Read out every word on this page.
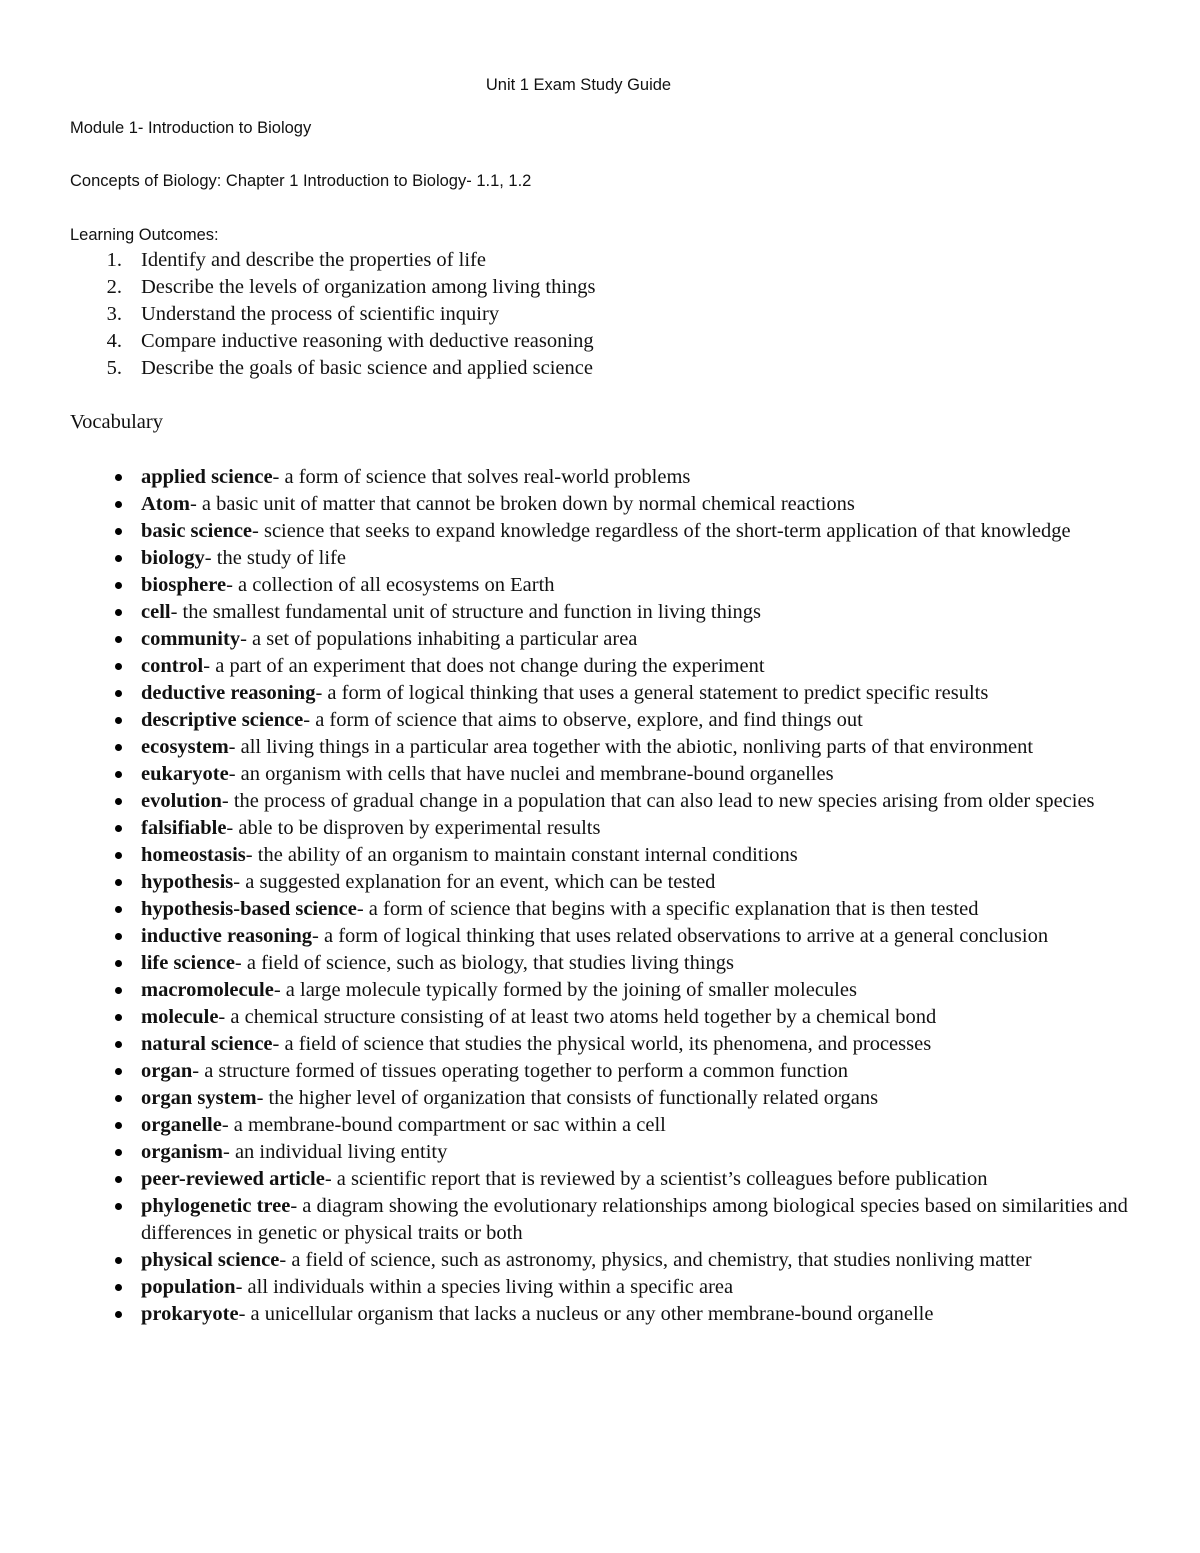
Unit 1 Exam Study Guide
Module 1- Introduction to Biology
Concepts of Biology: Chapter 1 Introduction to Biology- 1.1, 1.2
Learning Outcomes:
1. Identify and describe the properties of life
2. Describe the levels of organization among living things
3. Understand the process of scientific inquiry
4. Compare inductive reasoning with deductive reasoning
5. Describe the goals of basic science and applied science
Vocabulary
applied science- a form of science that solves real-world problems
Atom- a basic unit of matter that cannot be broken down by normal chemical reactions
basic science- science that seeks to expand knowledge regardless of the short-term application of that knowledge
biology- the study of life
biosphere- a collection of all ecosystems on Earth
cell- the smallest fundamental unit of structure and function in living things
community- a set of populations inhabiting a particular area
control- a part of an experiment that does not change during the experiment
deductive reasoning- a form of logical thinking that uses a general statement to predict specific results
descriptive science- a form of science that aims to observe, explore, and find things out
ecosystem- all living things in a particular area together with the abiotic, nonliving parts of that environment
eukaryote- an organism with cells that have nuclei and membrane-bound organelles
evolution- the process of gradual change in a population that can also lead to new species arising from older species
falsifiable- able to be disproven by experimental results
homeostasis- the ability of an organism to maintain constant internal conditions
hypothesis- a suggested explanation for an event, which can be tested
hypothesis-based science- a form of science that begins with a specific explanation that is then tested
inductive reasoning- a form of logical thinking that uses related observations to arrive at a general conclusion
life science- a field of science, such as biology, that studies living things
macromolecule- a large molecule typically formed by the joining of smaller molecules
molecule- a chemical structure consisting of at least two atoms held together by a chemical bond
natural science- a field of science that studies the physical world, its phenomena, and processes
organ- a structure formed of tissues operating together to perform a common function
organ system- the higher level of organization that consists of functionally related organs
organelle- a membrane-bound compartment or sac within a cell
organism- an individual living entity
peer-reviewed article- a scientific report that is reviewed by a scientist’s colleagues before publication
phylogenetic tree- a diagram showing the evolutionary relationships among biological species based on similarities and differences in genetic or physical traits or both
physical science- a field of science, such as astronomy, physics, and chemistry, that studies nonliving matter
population- all individuals within a species living within a specific area
prokaryote- a unicellular organism that lacks a nucleus or any other membrane-bound organelle
